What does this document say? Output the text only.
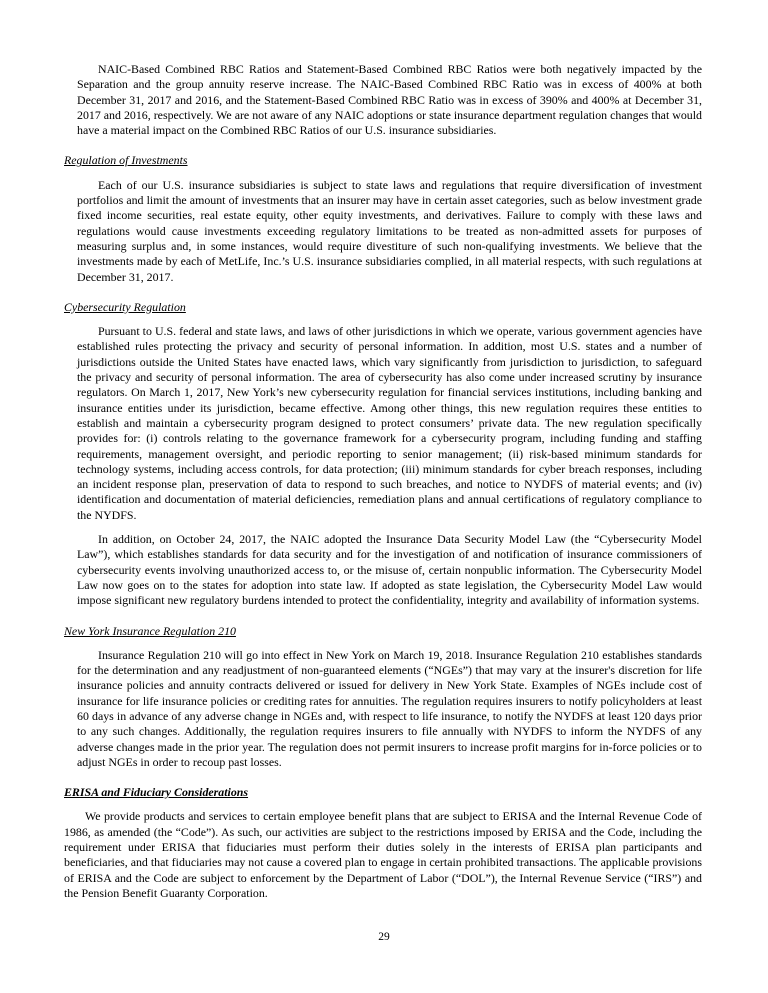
NAIC-Based Combined RBC Ratios and Statement-Based Combined RBC Ratios were both negatively impacted by the Separation and the group annuity reserve increase. The NAIC-Based Combined RBC Ratio was in excess of 400% at both December 31, 2017 and 2016, and the Statement-Based Combined RBC Ratio was in excess of 390% and 400% at December 31, 2017 and 2016, respectively. We are not aware of any NAIC adoptions or state insurance department regulation changes that would have a material impact on the Combined RBC Ratios of our U.S. insurance subsidiaries.

Regulation of Investments

Each of our U.S. insurance subsidiaries is subject to state laws and regulations that require diversification of investment portfolios and limit the amount of investments that an insurer may have in certain asset categories, such as below investment grade fixed income securities, real estate equity, other equity investments, and derivatives. Failure to comply with these laws and regulations would cause investments exceeding regulatory limitations to be treated as non-admitted assets for purposes of measuring surplus and, in some instances, would require divestiture of such non-qualifying investments. We believe that the investments made by each of MetLife, Inc.’s U.S. insurance subsidiaries complied, in all material respects, with such regulations at December 31, 2017.

Cybersecurity Regulation

Pursuant to U.S. federal and state laws, and laws of other jurisdictions in which we operate, various government agencies have established rules protecting the privacy and security of personal information. In addition, most U.S. states and a number of jurisdictions outside the United States have enacted laws, which vary significantly from jurisdiction to jurisdiction, to safeguard the privacy and security of personal information. The area of cybersecurity has also come under increased scrutiny by insurance regulators. On March 1, 2017, New York’s new cybersecurity regulation for financial services institutions, including banking and insurance entities under its jurisdiction, became effective. Among other things, this new regulation requires these entities to establish and maintain a cybersecurity program designed to protect consumers’ private data. The new regulation specifically provides for: (i) controls relating to the governance framework for a cybersecurity program, including funding and staffing requirements, management oversight, and periodic reporting to senior management; (ii) risk-based minimum standards for technology systems, including access controls, for data protection; (iii) minimum standards for cyber breach responses, including an incident response plan, preservation of data to respond to such breaches, and notice to NYDFS of material events; and (iv) identification and documentation of material deficiencies, remediation plans and annual certifications of regulatory compliance to the NYDFS.

In addition, on October 24, 2017, the NAIC adopted the Insurance Data Security Model Law (the “Cybersecurity Model Law”), which establishes standards for data security and for the investigation of and notification of insurance commissioners of cybersecurity events involving unauthorized access to, or the misuse of, certain nonpublic information. The Cybersecurity Model Law now goes on to the states for adoption into state law. If adopted as state legislation, the Cybersecurity Model Law would impose significant new regulatory burdens intended to protect the confidentiality, integrity and availability of information systems.

New York Insurance Regulation 210

Insurance Regulation 210 will go into effect in New York on March 19, 2018. Insurance Regulation 210 establishes standards for the determination and any readjustment of non-guaranteed elements (“NGEs”) that may vary at the insurer's discretion for life insurance policies and annuity contracts delivered or issued for delivery in New York State. Examples of NGEs include cost of insurance for life insurance policies or crediting rates for annuities. The regulation requires insurers to notify policyholders at least 60 days in advance of any adverse change in NGEs and, with respect to life insurance, to notify the NYDFS at least 120 days prior to any such changes. Additionally, the regulation requires insurers to file annually with NYDFS to inform the NYDFS of any adverse changes made in the prior year. The regulation does not permit insurers to increase profit margins for in-force policies or to adjust NGEs in order to recoup past losses.

ERISA and Fiduciary Considerations

We provide products and services to certain employee benefit plans that are subject to ERISA and the Internal Revenue Code of 1986, as amended (the “Code”). As such, our activities are subject to the restrictions imposed by ERISA and the Code, including the requirement under ERISA that fiduciaries must perform their duties solely in the interests of ERISA plan participants and beneficiaries, and that fiduciaries may not cause a covered plan to engage in certain prohibited transactions. The applicable provisions of ERISA and the Code are subject to enforcement by the Department of Labor (“DOL”), the Internal Revenue Service (“IRS”) and the Pension Benefit Guaranty Corporation.

29
